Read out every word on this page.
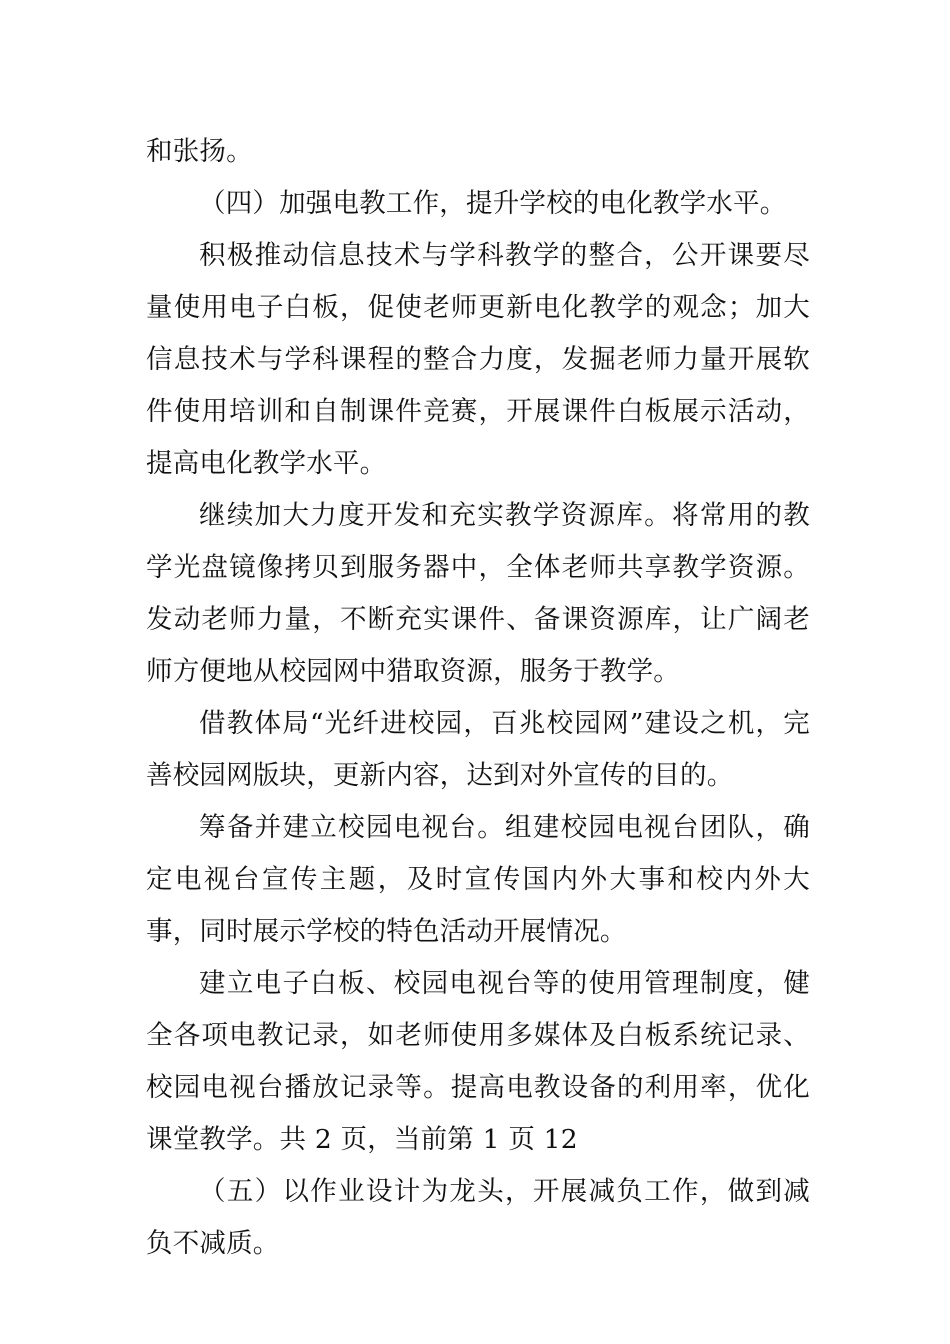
和张扬。

（四）加强电教工作，提升学校的电化教学水平。

积极推动信息技术与学科教学的整合，公开课要尽量使用电子白板，促使老师更新电化教学的观念；加大信息技术与学科课程的整合力度，发掘老师力量开展软件使用培训和自制课件竞赛，开展课件白板展示活动，提高电化教学水平。

继续加大力度开发和充实教学资源库。将常用的教学光盘镜像拷贝到服务器中，全体老师共享教学资源。发动老师力量，不断充实课件、备课资源库，让广阔老师方便地从校园网中猎取资源，服务于教学。

借教体局“光纤进校园，百兆校园网”建设之机，完善校园网版块，更新内容，达到对外宣传的目的。

筹备并建立校园电视台。组建校园电视台团队，确定电视台宣传主题，及时宣传国内外大事和校内外大事，同时展示学校的特色活动开展情况。

建立电子白板、校园电视台等的使用管理制度，健全各项电教记录，如老师使用多媒体及白板系统记录、校园电视台播放记录等。提高电教设备的利用率，优化课堂教学。共 2 页，当前第 1 页 12

（五）以作业设计为龙头，开展减负工作，做到减负不减质。
